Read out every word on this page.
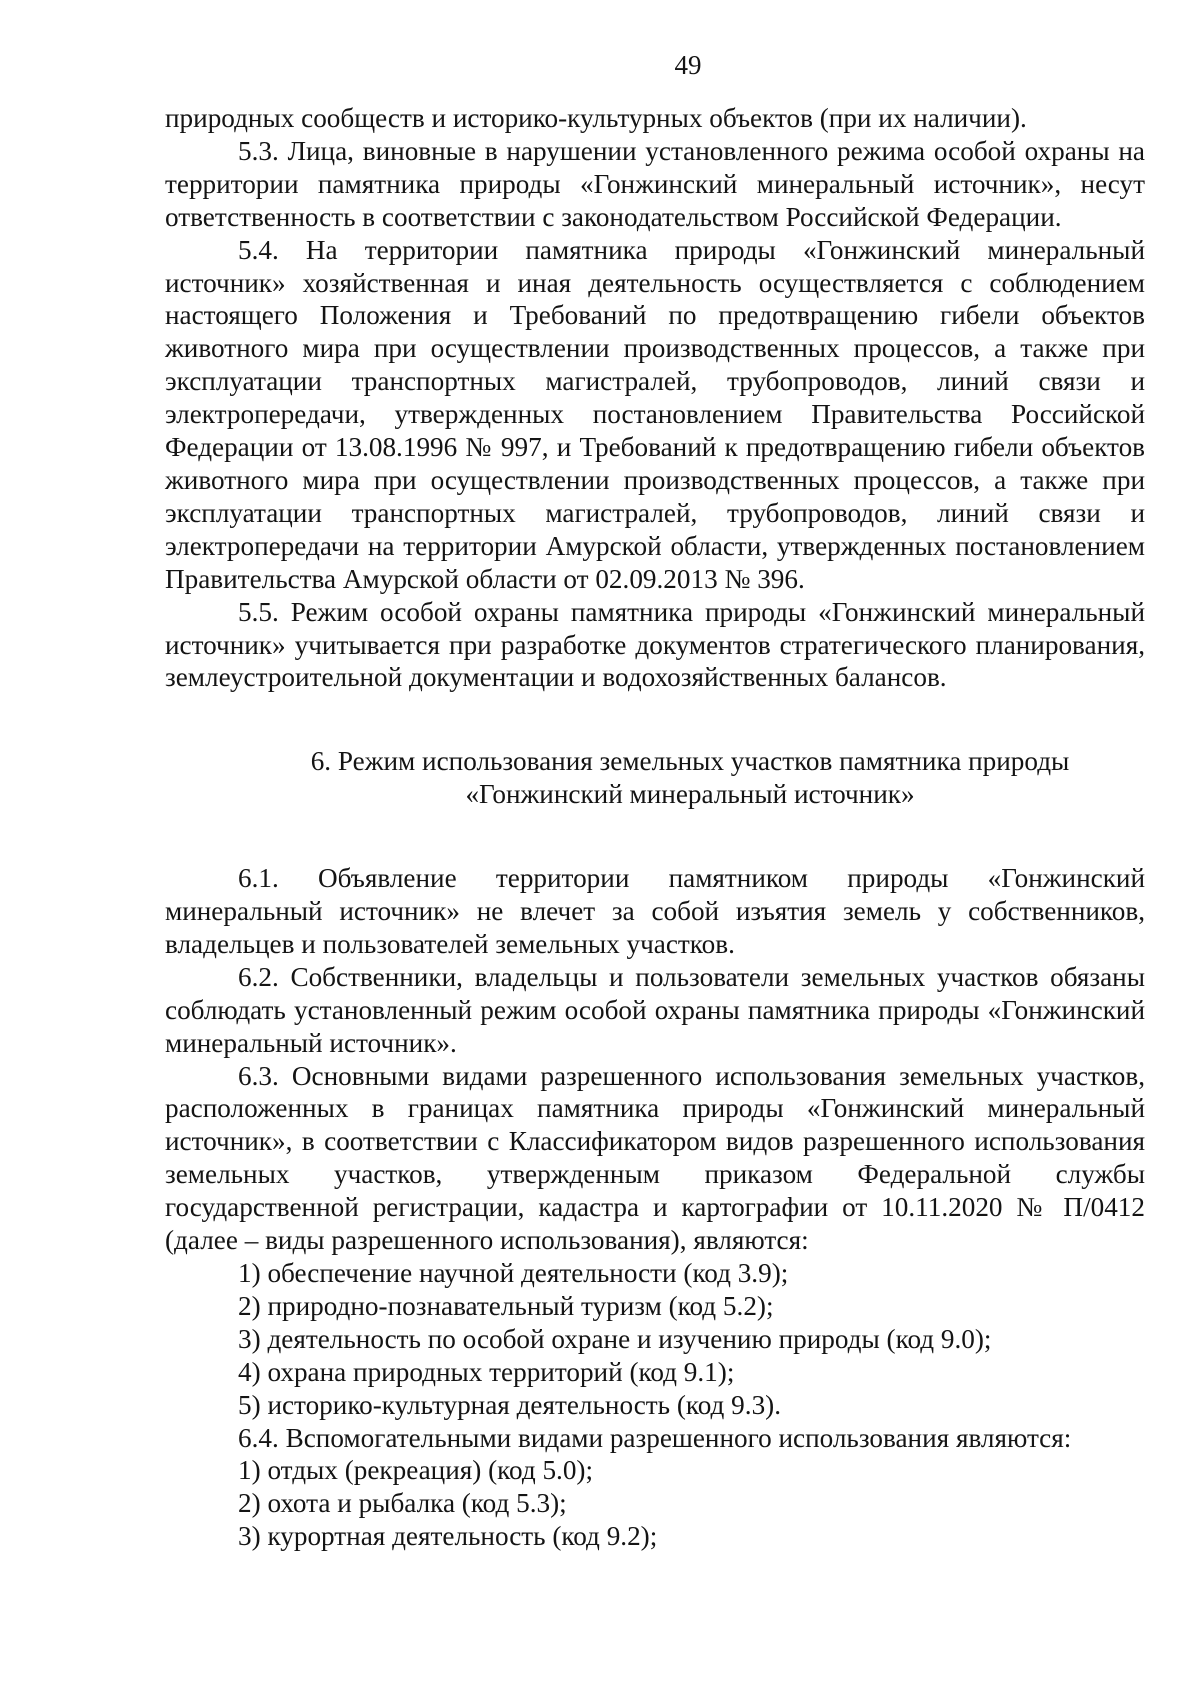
49

природных сообществ и историко-культурных объектов (при их наличии).

5.3. Лица, виновные в нарушении установленного режима особой охраны на территории памятника природы «Гонжинский минеральный источник», несут ответственность в соответствии с законодательством Российской Федерации.

5.4. На территории памятника природы «Гонжинский минеральный источник» хозяйственная и иная деятельность осуществляется с соблюдением настоящего Положения и Требований по предотвращению гибели объектов животного мира при осуществлении производственных процессов, а также при эксплуатации транспортных магистралей, трубопроводов, линий связи и электропередачи, утвержденных постановлением Правительства Российской Федерации от 13.08.1996 № 997, и Требований к предотвращению гибели объектов животного мира при осуществлении производственных процессов, а также при эксплуатации транспортных магистралей, трубопроводов, линий связи и электропередачи на территории Амурской области, утвержденных постановлением Правительства Амурской области от 02.09.2013 № 396.

5.5. Режим особой охраны памятника природы «Гонжинский минеральный источник» учитывается при разработке документов стратегического планирования, землеустроительной документации и водохозяйственных балансов.

6. Режим использования земельных участков памятника природы
«Гонжинский минеральный источник»

6.1. Объявление территории памятником природы «Гонжинский минеральный источник» не влечет за собой изъятия земель у собственников, владельцев и пользователей земельных участков.

6.2. Собственники, владельцы и пользователи земельных участков обязаны соблюдать установленный режим особой охраны памятника природы «Гонжинский минеральный источник».

6.3. Основными видами разрешенного использования земельных участков, расположенных в границах памятника природы «Гонжинский минеральный источник», в соответствии с Классификатором видов разрешенного использования земельных участков, утвержденным приказом Федеральной службы государственной регистрации, кадастра и картографии от 10.11.2020 № П/0412 (далее – виды разрешенного использования), являются:

1) обеспечение научной деятельности (код 3.9);

2) природно-познавательный туризм (код 5.2);

3) деятельность по особой охране и изучению природы (код 9.0);

4) охрана природных территорий (код 9.1);

5) историко-культурная деятельность (код 9.3).

6.4. Вспомогательными видами разрешенного использования являются:

1) отдых (рекреация) (код 5.0);

2) охота и рыбалка (код 5.3);

3) курортная деятельность (код 9.2);
